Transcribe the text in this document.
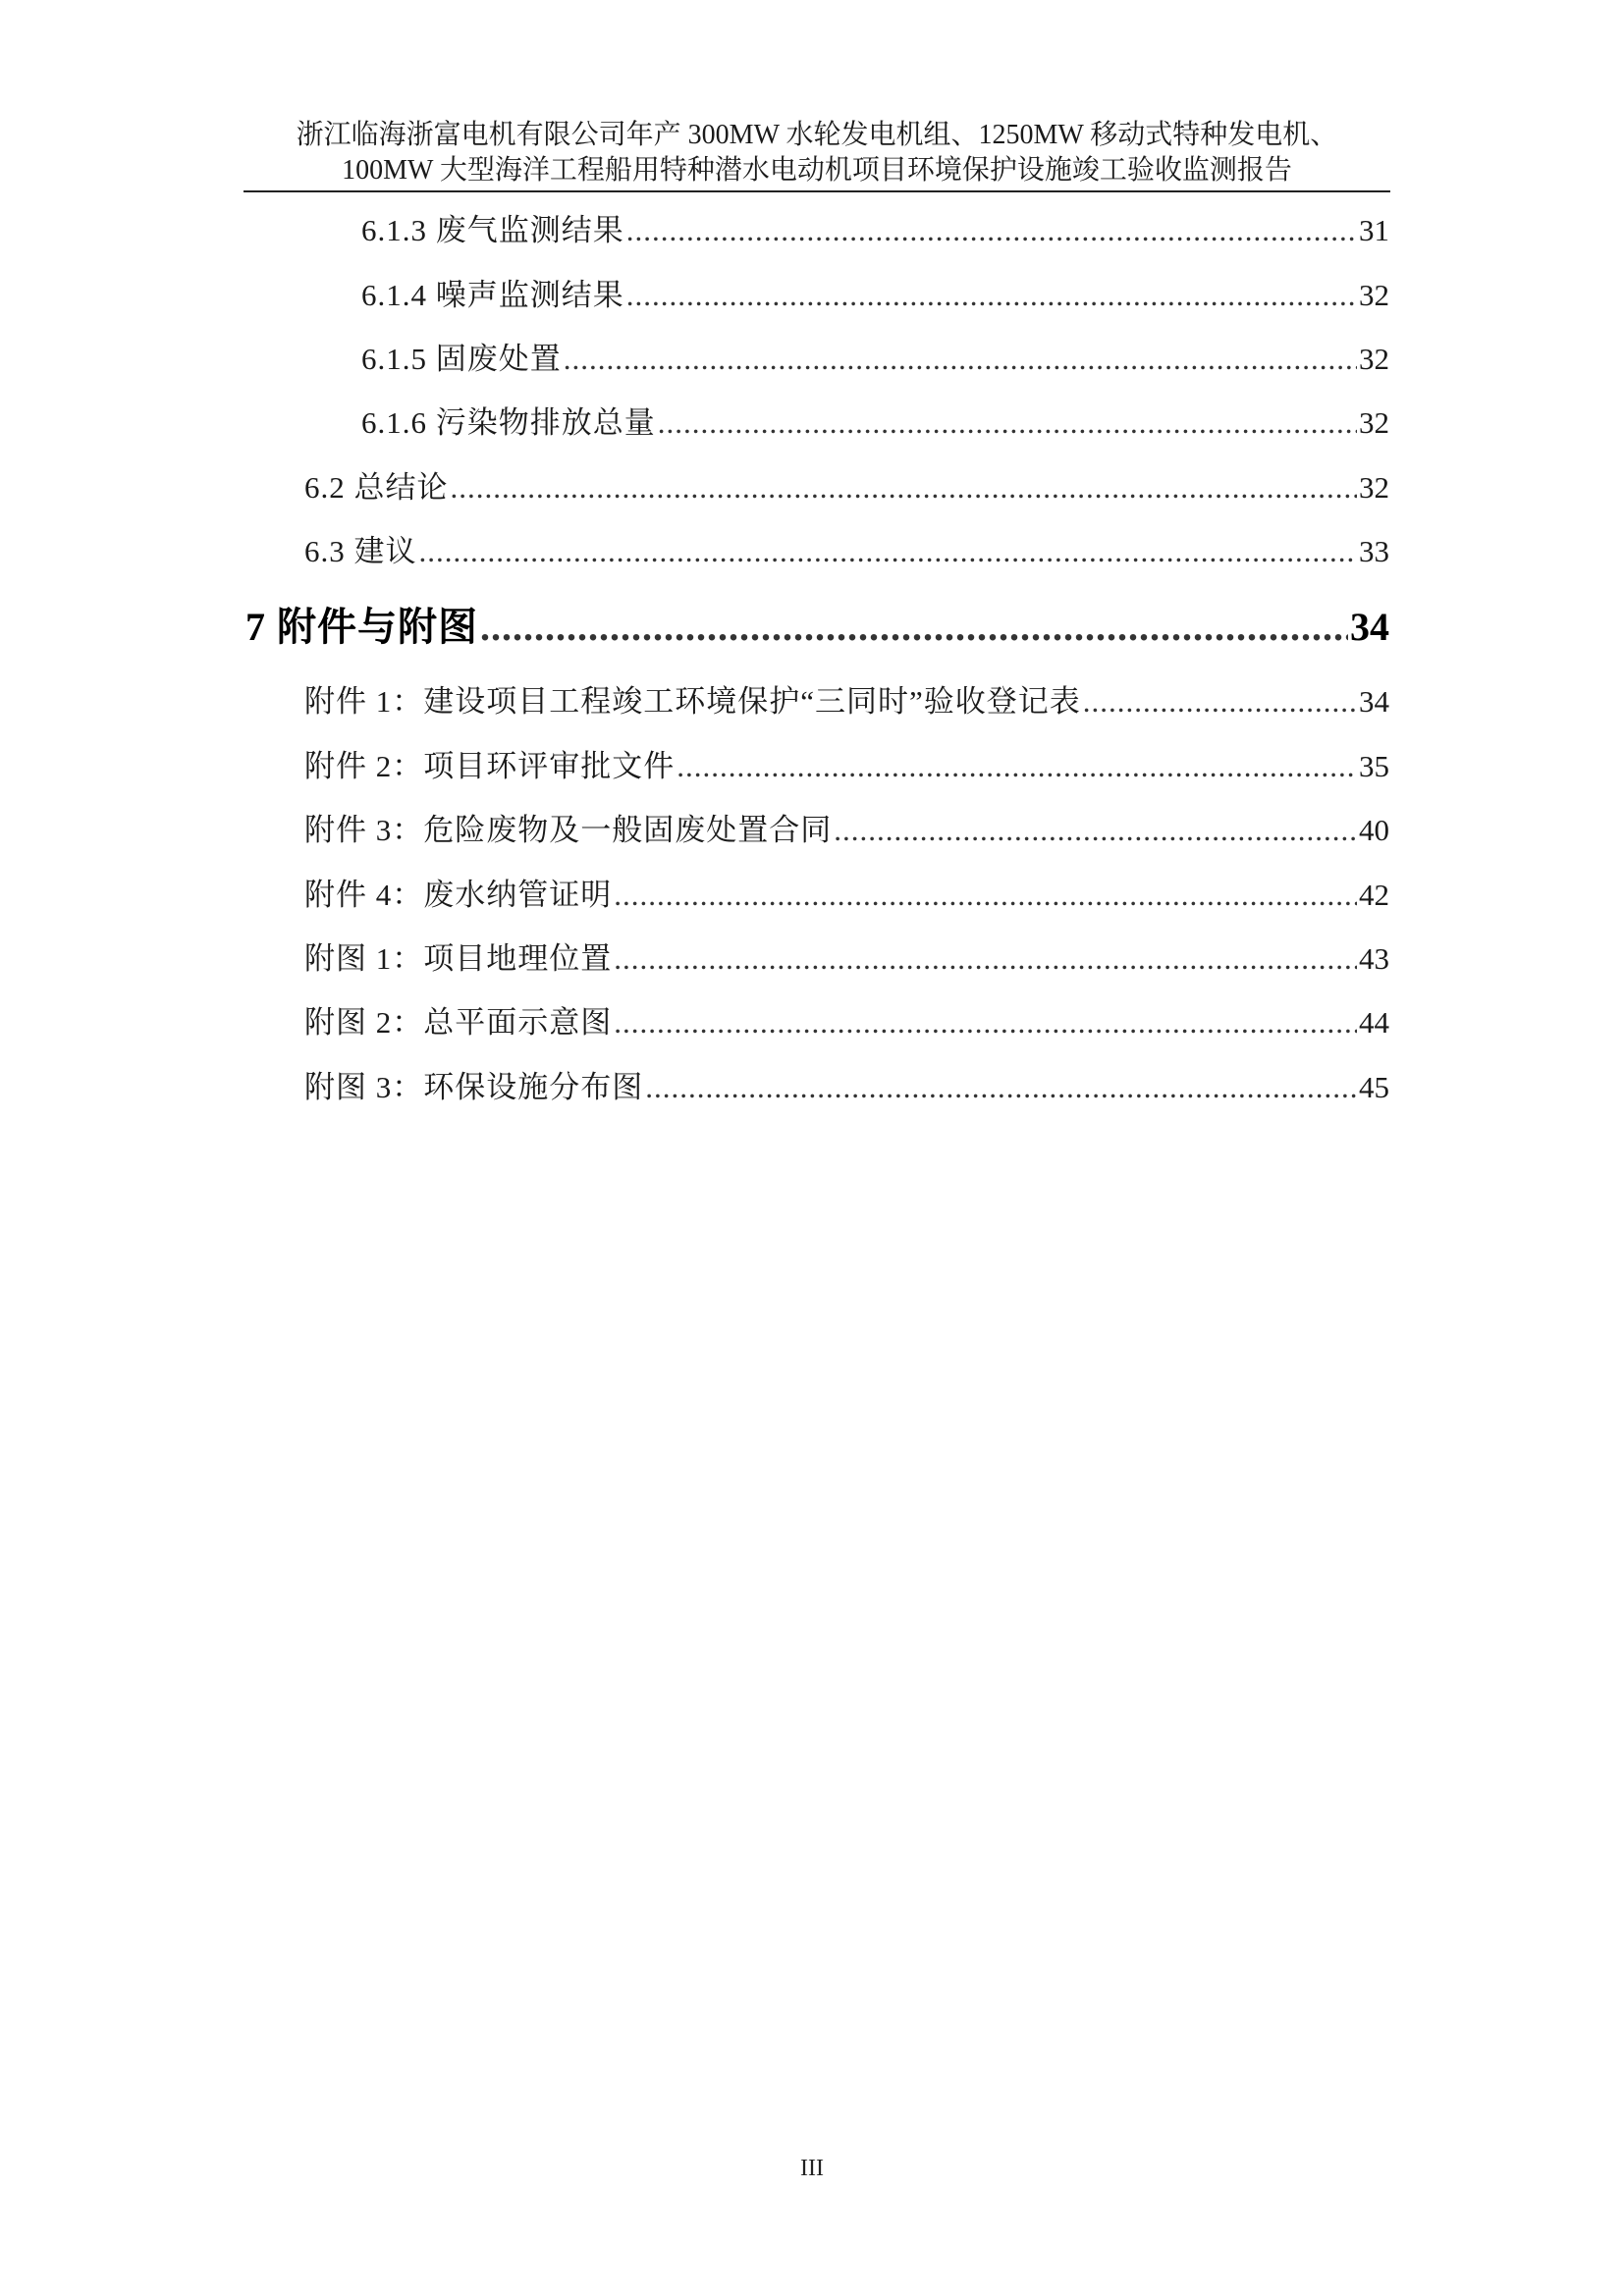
浙江临海浙富电机有限公司年产 300MW 水轮发电机组、1250MW 移动式特种发电机、
100MW 大型海洋工程船用特种潜水电动机项目环境保护设施竣工验收监测报告
6.1.3 废气监测结果 .....	31
6.1.4 噪声监测结果 .....	32
6.1.5 固废处置 .....	32
6.1.6 污染物排放总量 .....	32
6.2 总结论 .....	32
6.3 建议 .....	33
7 附件与附图 .....	34
附件 1：建设项目工程竣工环境保护“三同时”验收登记表 .....	34
附件 2：项目环评审批文件 .....	35
附件 3：危险废物及一般固废处置合同 .....	40
附件 4：废水纳管证明 .....	42
附图 1：项目地理位置 .....	43
附图 2：总平面示意图 .....	44
附图 3：环保设施分布图 .....	45
III
